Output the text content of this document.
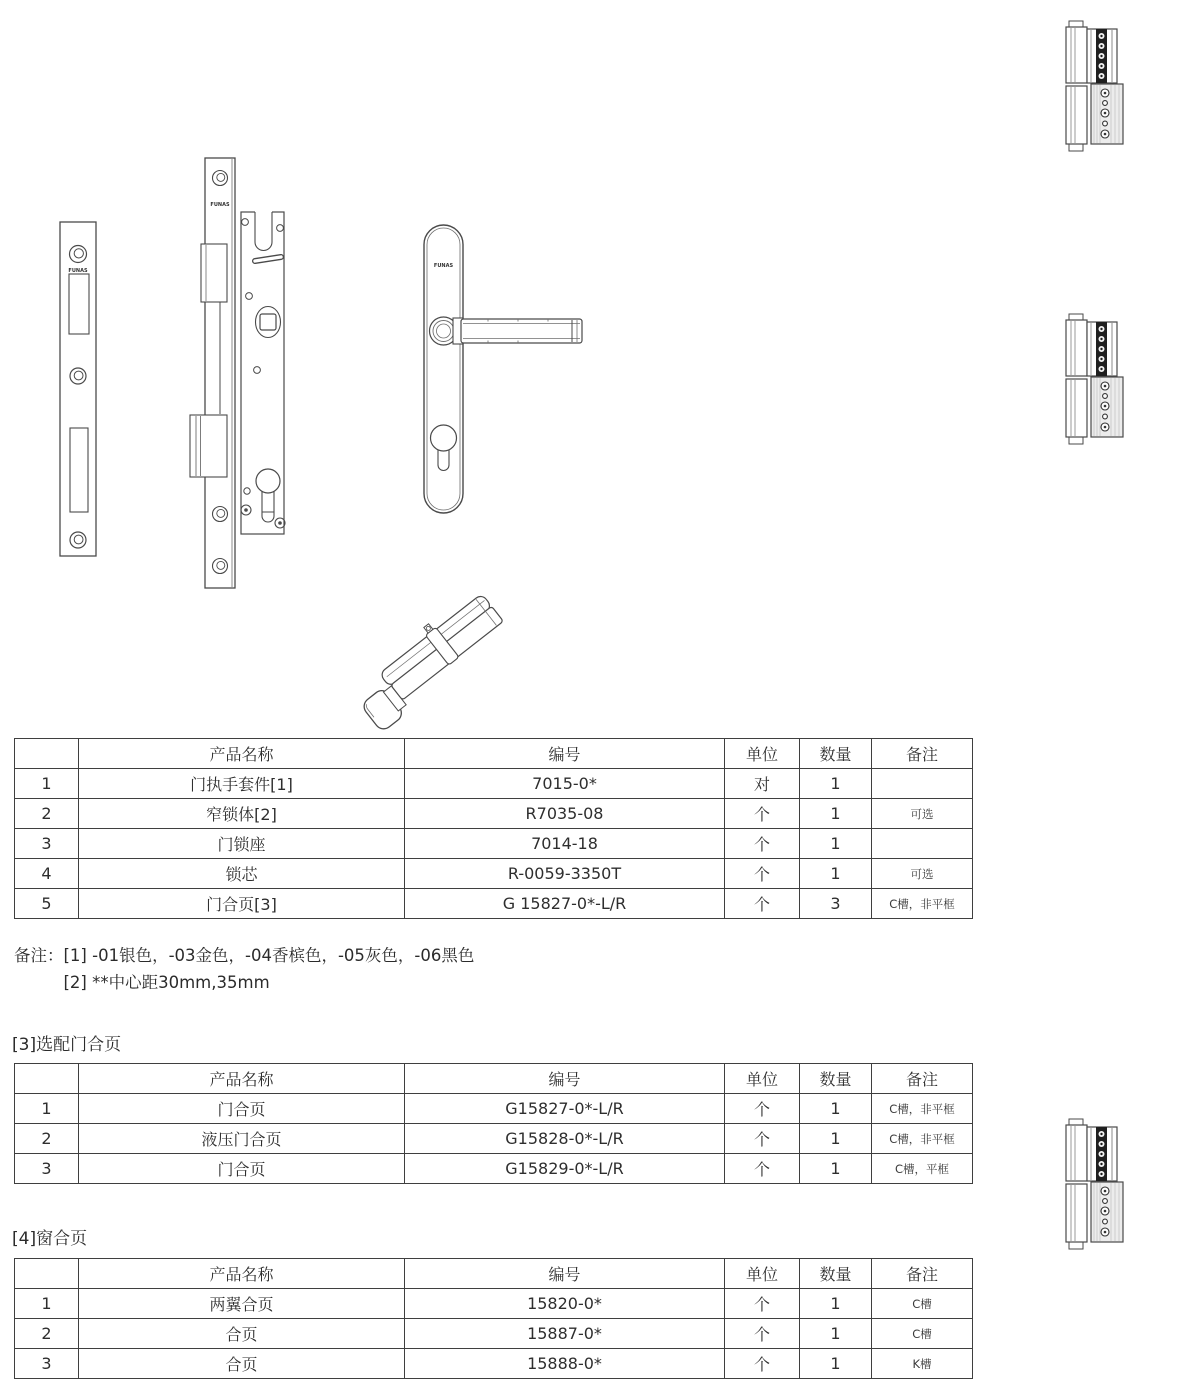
FUNAS
FUNAS
FUNAS
	产品名称	编号	单位	数量	备注
1	门执手套件[1]	7015-0*	对	1	
2	窄锁体[2]	R7035-08	个	1	可选
3	门锁座	7014-18	个	1	
4	锁芯	R-0059-3350T	个	1	可选
5	门合页[3]	G 15827-0*-L/R	个	3	C槽，非平框
备注： [1] -01银色，-03金色，-04香槟色，-05灰色，-06黑色
[2] **中心距30mm,35mm
[3]选配门合页
	产品名称	编号	单位	数量	备注
1	门合页	G15827-0*-L/R	个	1	C槽，非平框
2	液压门合页	G15828-0*-L/R	个	1	C槽，非平框
3	门合页	G15829-0*-L/R	个	1	C槽，平框
[4]窗合页
	产品名称	编号	单位	数量	备注
1	两翼合页	15820-0*	个	1	C槽
2	合页	15887-0*	个	1	C槽
3	合页	15888-0*	个	1	K槽
